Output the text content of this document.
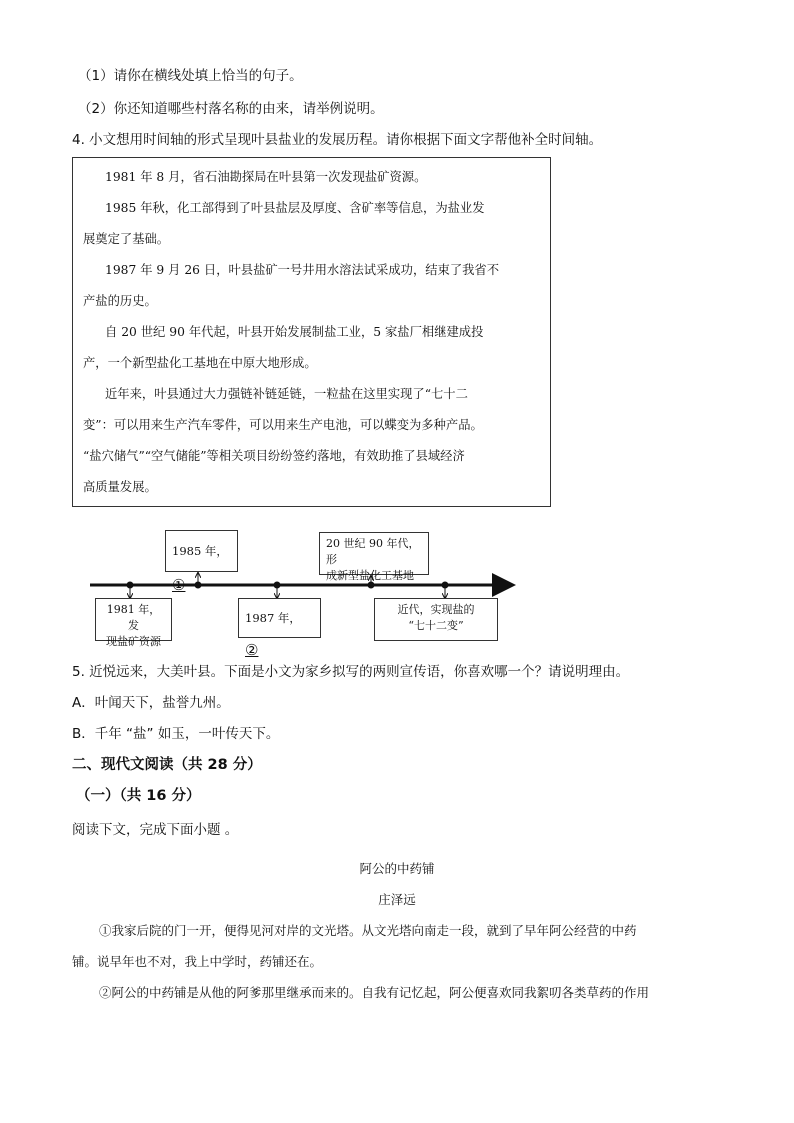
（1）请你在横线处填上恰当的句子。
（2）你还知道哪些村落名称的由来，请举例说明。
4. 小文想用时间轴的形式呈现叶县盐业的发展历程。请你根据下面文字帮他补全时间轴。
1981 年 8 月，省石油勘探局在叶县第一次发现盐矿资源。
1985 年秋，化工部得到了叶县盐层及厚度、含矿率等信息，为盐业发
展奠定了基础。
1987 年 9 月 26 日，叶县盐矿一号井用水溶法试采成功，结束了我省不
产盐的历史。
自 20 世纪 90 年代起，叶县开始发展制盐工业，5 家盐厂相继建成投
产，一个新型盐化工基地在中原大地形成。
近年来，叶县通过大力强链补链延链，一粒盐在这里实现了“七十二
变”：可以用来生产汽车零件，可以用来生产电池，可以蝶变为多种产品。
“盐穴储气”“空气储能”等相关项目纷纷签约落地，有效助推了县域经济
高质量发展。
1985 年，①
20 世纪 90 年代，形
成新型盐化工基地
1981 年，发
现盐矿资源
1987 年，②
近代，实现盐的
“七十二变”
5. 近悦远来，大美叶县。下面是小文为家乡拟写的两则宣传语，你喜欢哪一个？请说明理由。
A．叶闻天下，盐誉九州。
B．千年 “盐” 如玉，一叶传天下。
二、现代文阅读（共 28 分）
（一）（共 16 分）
阅读下文，完成下面小题 。
阿公的中药铺
庄泽远
①我家后院的门一开，便得见河对岸的文光塔。从文光塔向南走一段，就到了早年阿公经营的中药
铺。说早年也不对，我上中学时，药铺还在。
②阿公的中药铺是从他的阿爹那里继承而来的。自我有记忆起，阿公便喜欢同我絮叨各类草药的作用
